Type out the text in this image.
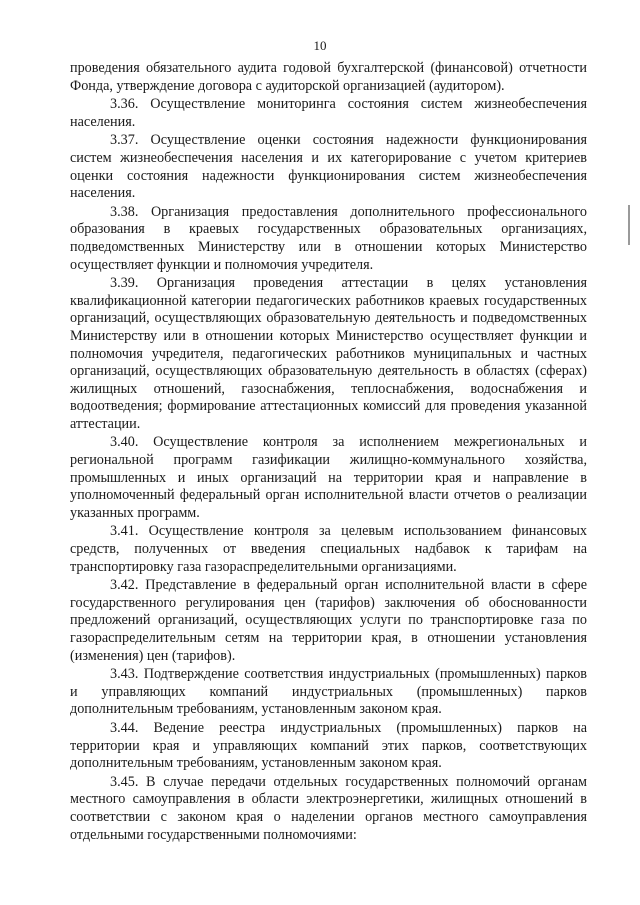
10

проведения обязательного аудита годовой бухгалтерской (финансовой) отчетности Фонда, утверждение договора с аудиторской организацией (аудитором).

3.36. Осуществление мониторинга состояния систем жизнеобеспечения населения.

3.37. Осуществление оценки состояния надежности функционирования систем жизнеобеспечения населения и их категорирование с учетом критериев оценки состояния надежности функционирования систем жизнеобеспечения населения.

3.38. Организация предоставления дополнительного профессионального образования в краевых государственных образовательных организациях, подведомственных Министерству или в отношении которых Министерство осуществляет функции и полномочия учредителя.

3.39. Организация проведения аттестации в целях установления квалификационной категории педагогических работников краевых государственных организаций, осуществляющих образовательную деятельность и подведомственных Министерству или в отношении которых Министерство осуществляет функции и полномочия учредителя, педагогических работников муниципальных и частных организаций, осуществляющих образовательную деятельность в областях (сферах) жилищных отношений, газоснабжения, теплоснабжения, водоснабжения и водоотведения; формирование аттестационных комиссий для проведения указанной аттестации.

3.40. Осуществление контроля за исполнением межрегиональных и региональной программ газификации жилищно-коммунального хозяйства, промышленных и иных организаций на территории края и направление в уполномоченный федеральный орган исполнительной власти отчетов о реализации указанных программ.

3.41. Осуществление контроля за целевым использованием финансовых средств, полученных от введения специальных надбавок к тарифам на транспортировку газа газораспределительными организациями.

3.42. Представление в федеральный орган исполнительной власти в сфере государственного регулирования цен (тарифов) заключения об обоснованности предложений организаций, осуществляющих услуги по транспортировке газа по газораспределительным сетям на территории края, в отношении установления (изменения) цен (тарифов).

3.43. Подтверждение соответствия индустриальных (промышленных) парков и управляющих компаний индустриальных (промышленных) парков дополнительным требованиям, установленным законом края.

3.44. Ведение реестра индустриальных (промышленных) парков на территории края и управляющих компаний этих парков, соответствующих дополнительным требованиям, установленным законом края.

3.45. В случае передачи отдельных государственных полномочий органам местного самоуправления в области электроэнергетики, жилищных отношений в соответствии с законом края о наделении органов местного самоуправления отдельными государственными полномочиями:
